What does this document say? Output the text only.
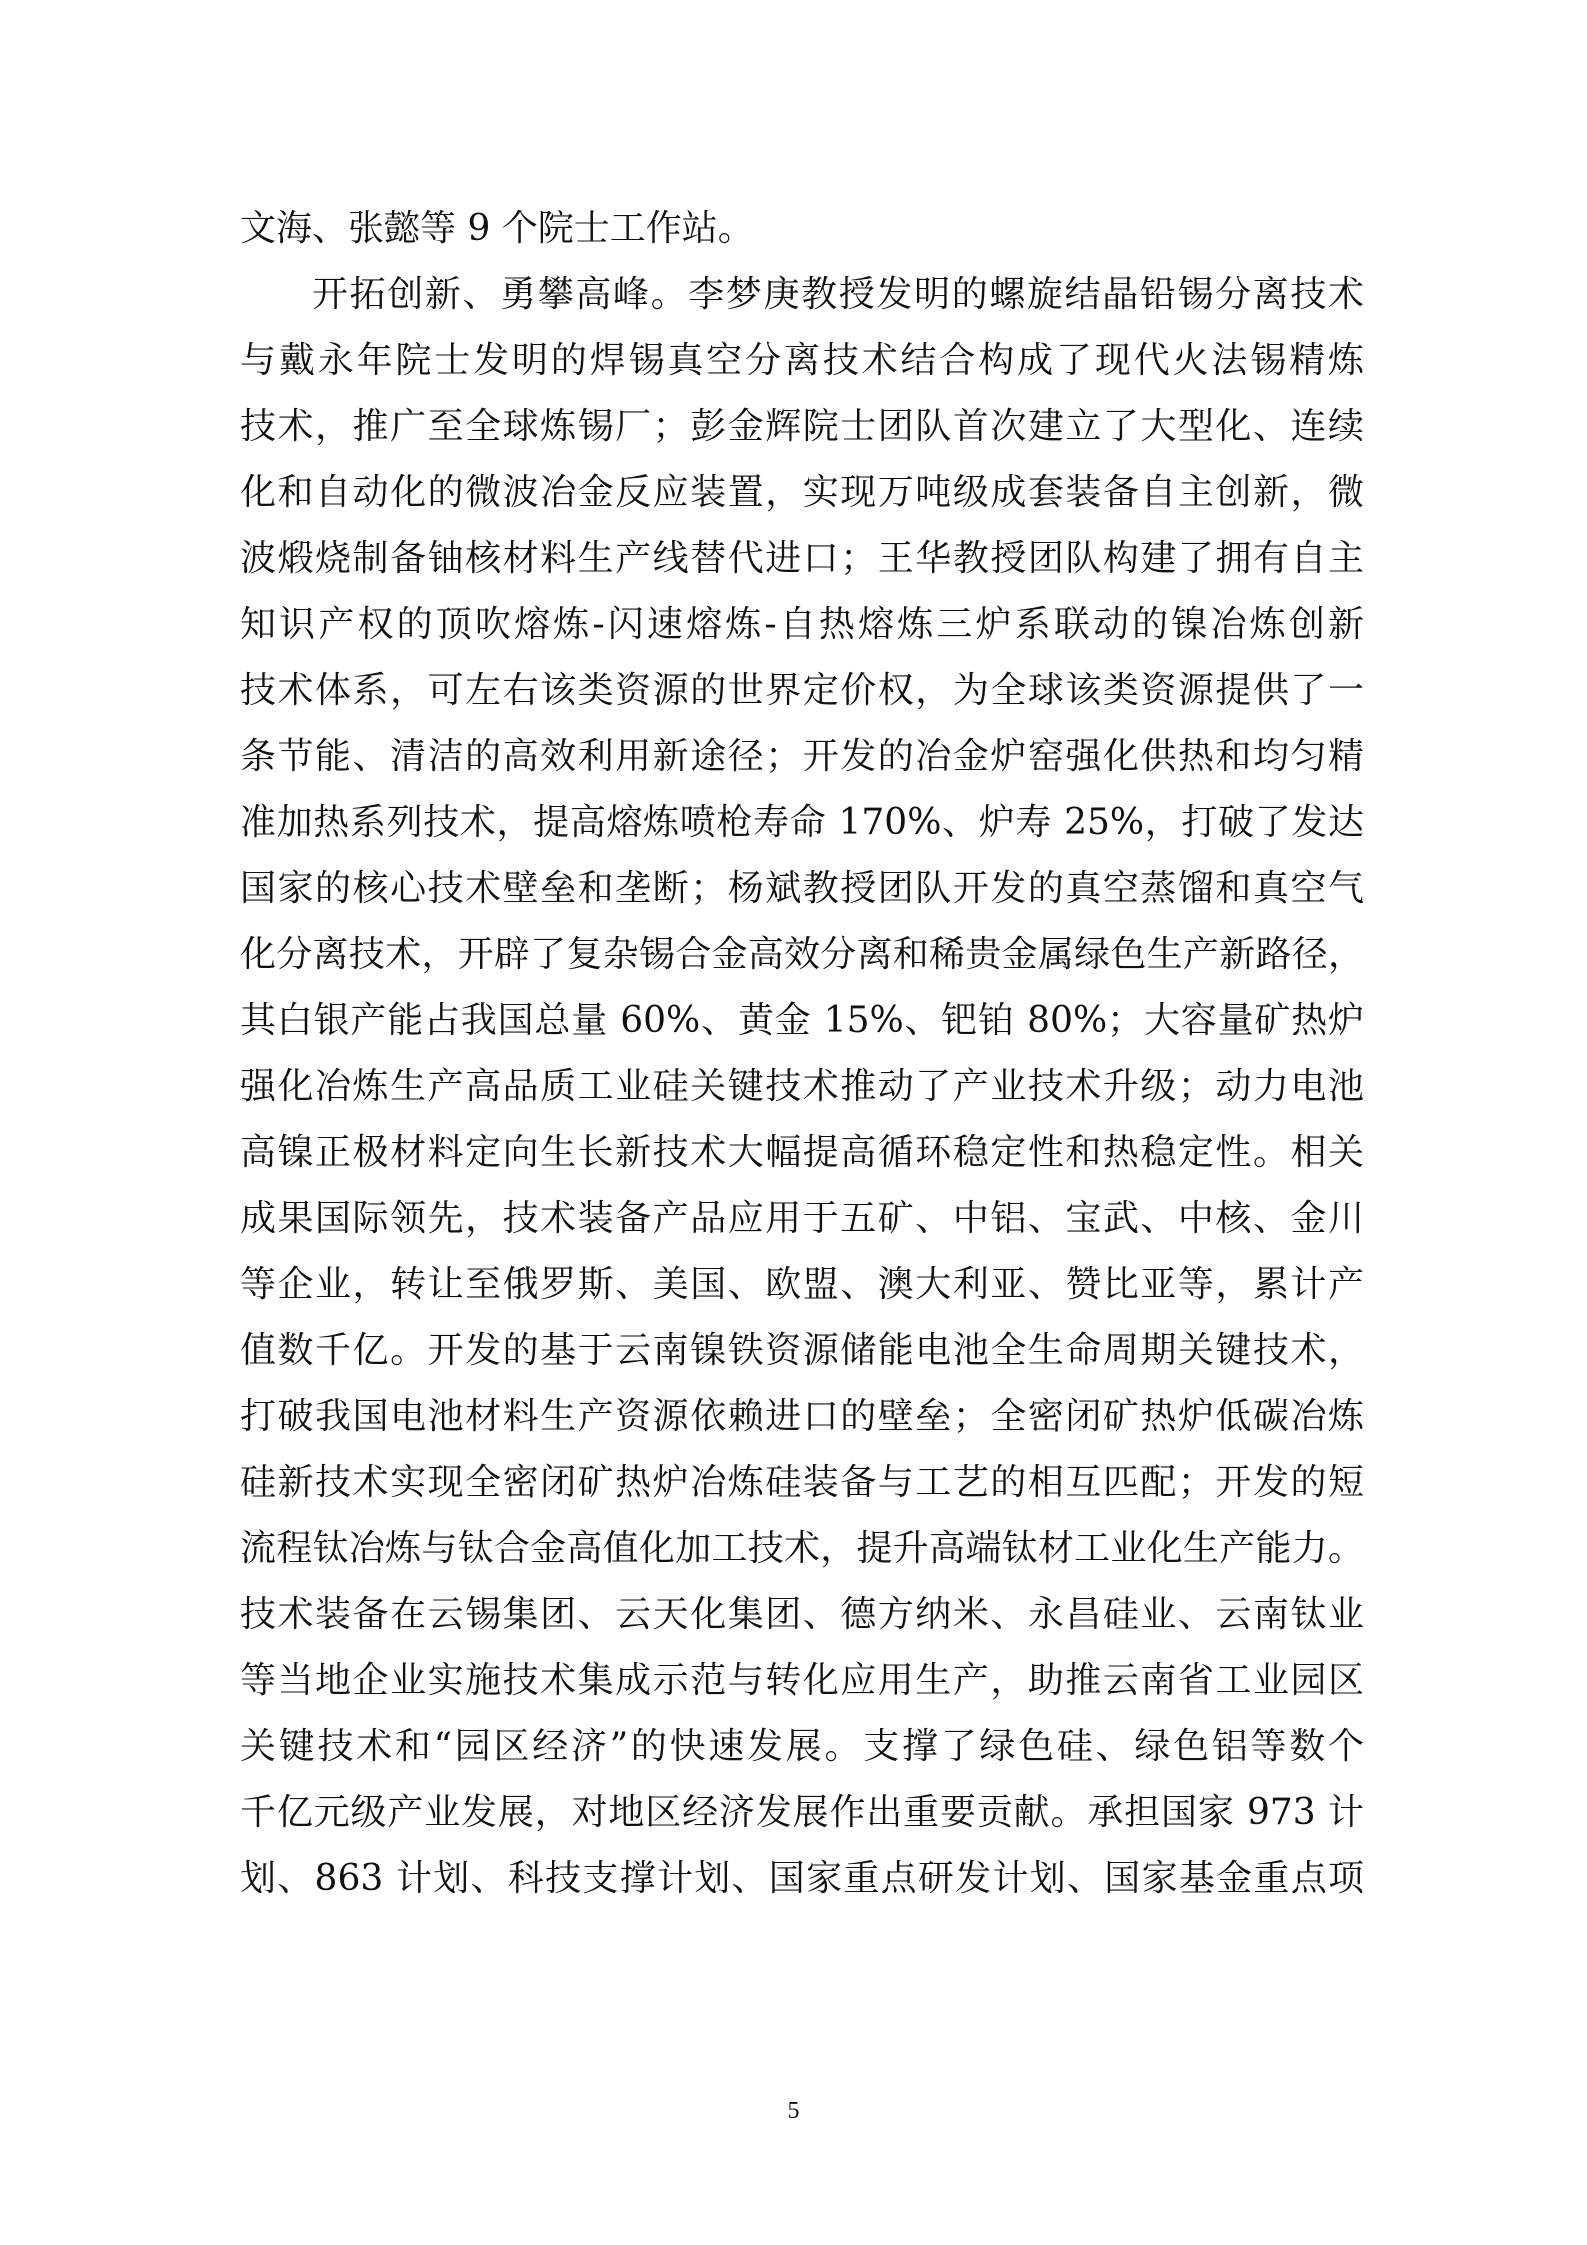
文海、张懿等 9 个院士工作站。
开拓创新、勇攀高峰。李梦庚教授发明的螺旋结晶铅锡分离技术
与戴永年院士发明的焊锡真空分离技术结合构成了现代火法锡精炼
技术，推广至全球炼锡厂；彭金辉院士团队首次建立了大型化、连续
化和自动化的微波冶金反应装置，实现万吨级成套装备自主创新，微
波煅烧制备铀核材料生产线替代进口；王华教授团队构建了拥有自主
知识产权的顶吹熔炼-闪速熔炼-自热熔炼三炉系联动的镍冶炼创新
技术体系，可左右该类资源的世界定价权，为全球该类资源提供了一
条节能、清洁的高效利用新途径；开发的冶金炉窑强化供热和均匀精
准加热系列技术，提高熔炼喷枪寿命 170%、炉寿 25%，打破了发达
国家的核心技术壁垒和垄断；杨斌教授团队开发的真空蒸馏和真空气
化分离技术，开辟了复杂锡合金高效分离和稀贵金属绿色生产新路径，
其白银产能占我国总量 60%、黄金 15%、钯铂 80%；大容量矿热炉
强化冶炼生产高品质工业硅关键技术推动了产业技术升级；动力电池
高镍正极材料定向生长新技术大幅提高循环稳定性和热稳定性。相关
成果国际领先，技术装备产品应用于五矿、中铝、宝武、中核、金川
等企业，转让至俄罗斯、美国、欧盟、澳大利亚、赞比亚等，累计产
值数千亿。开发的基于云南镍铁资源储能电池全生命周期关键技术，
打破我国电池材料生产资源依赖进口的壁垒；全密闭矿热炉低碳冶炼
硅新技术实现全密闭矿热炉冶炼硅装备与工艺的相互匹配；开发的短
流程钛冶炼与钛合金高值化加工技术，提升高端钛材工业化生产能力。
技术装备在云锡集团、云天化集团、德方纳米、永昌硅业、云南钛业
等当地企业实施技术集成示范与转化应用生产，助推云南省工业园区
关键技术和“园区经济”的快速发展。支撑了绿色硅、绿色铝等数个
千亿元级产业发展，对地区经济发展作出重要贡献。承担国家 973 计
划、863 计划、科技支撑计划、国家重点研发计划、国家基金重点项
5
